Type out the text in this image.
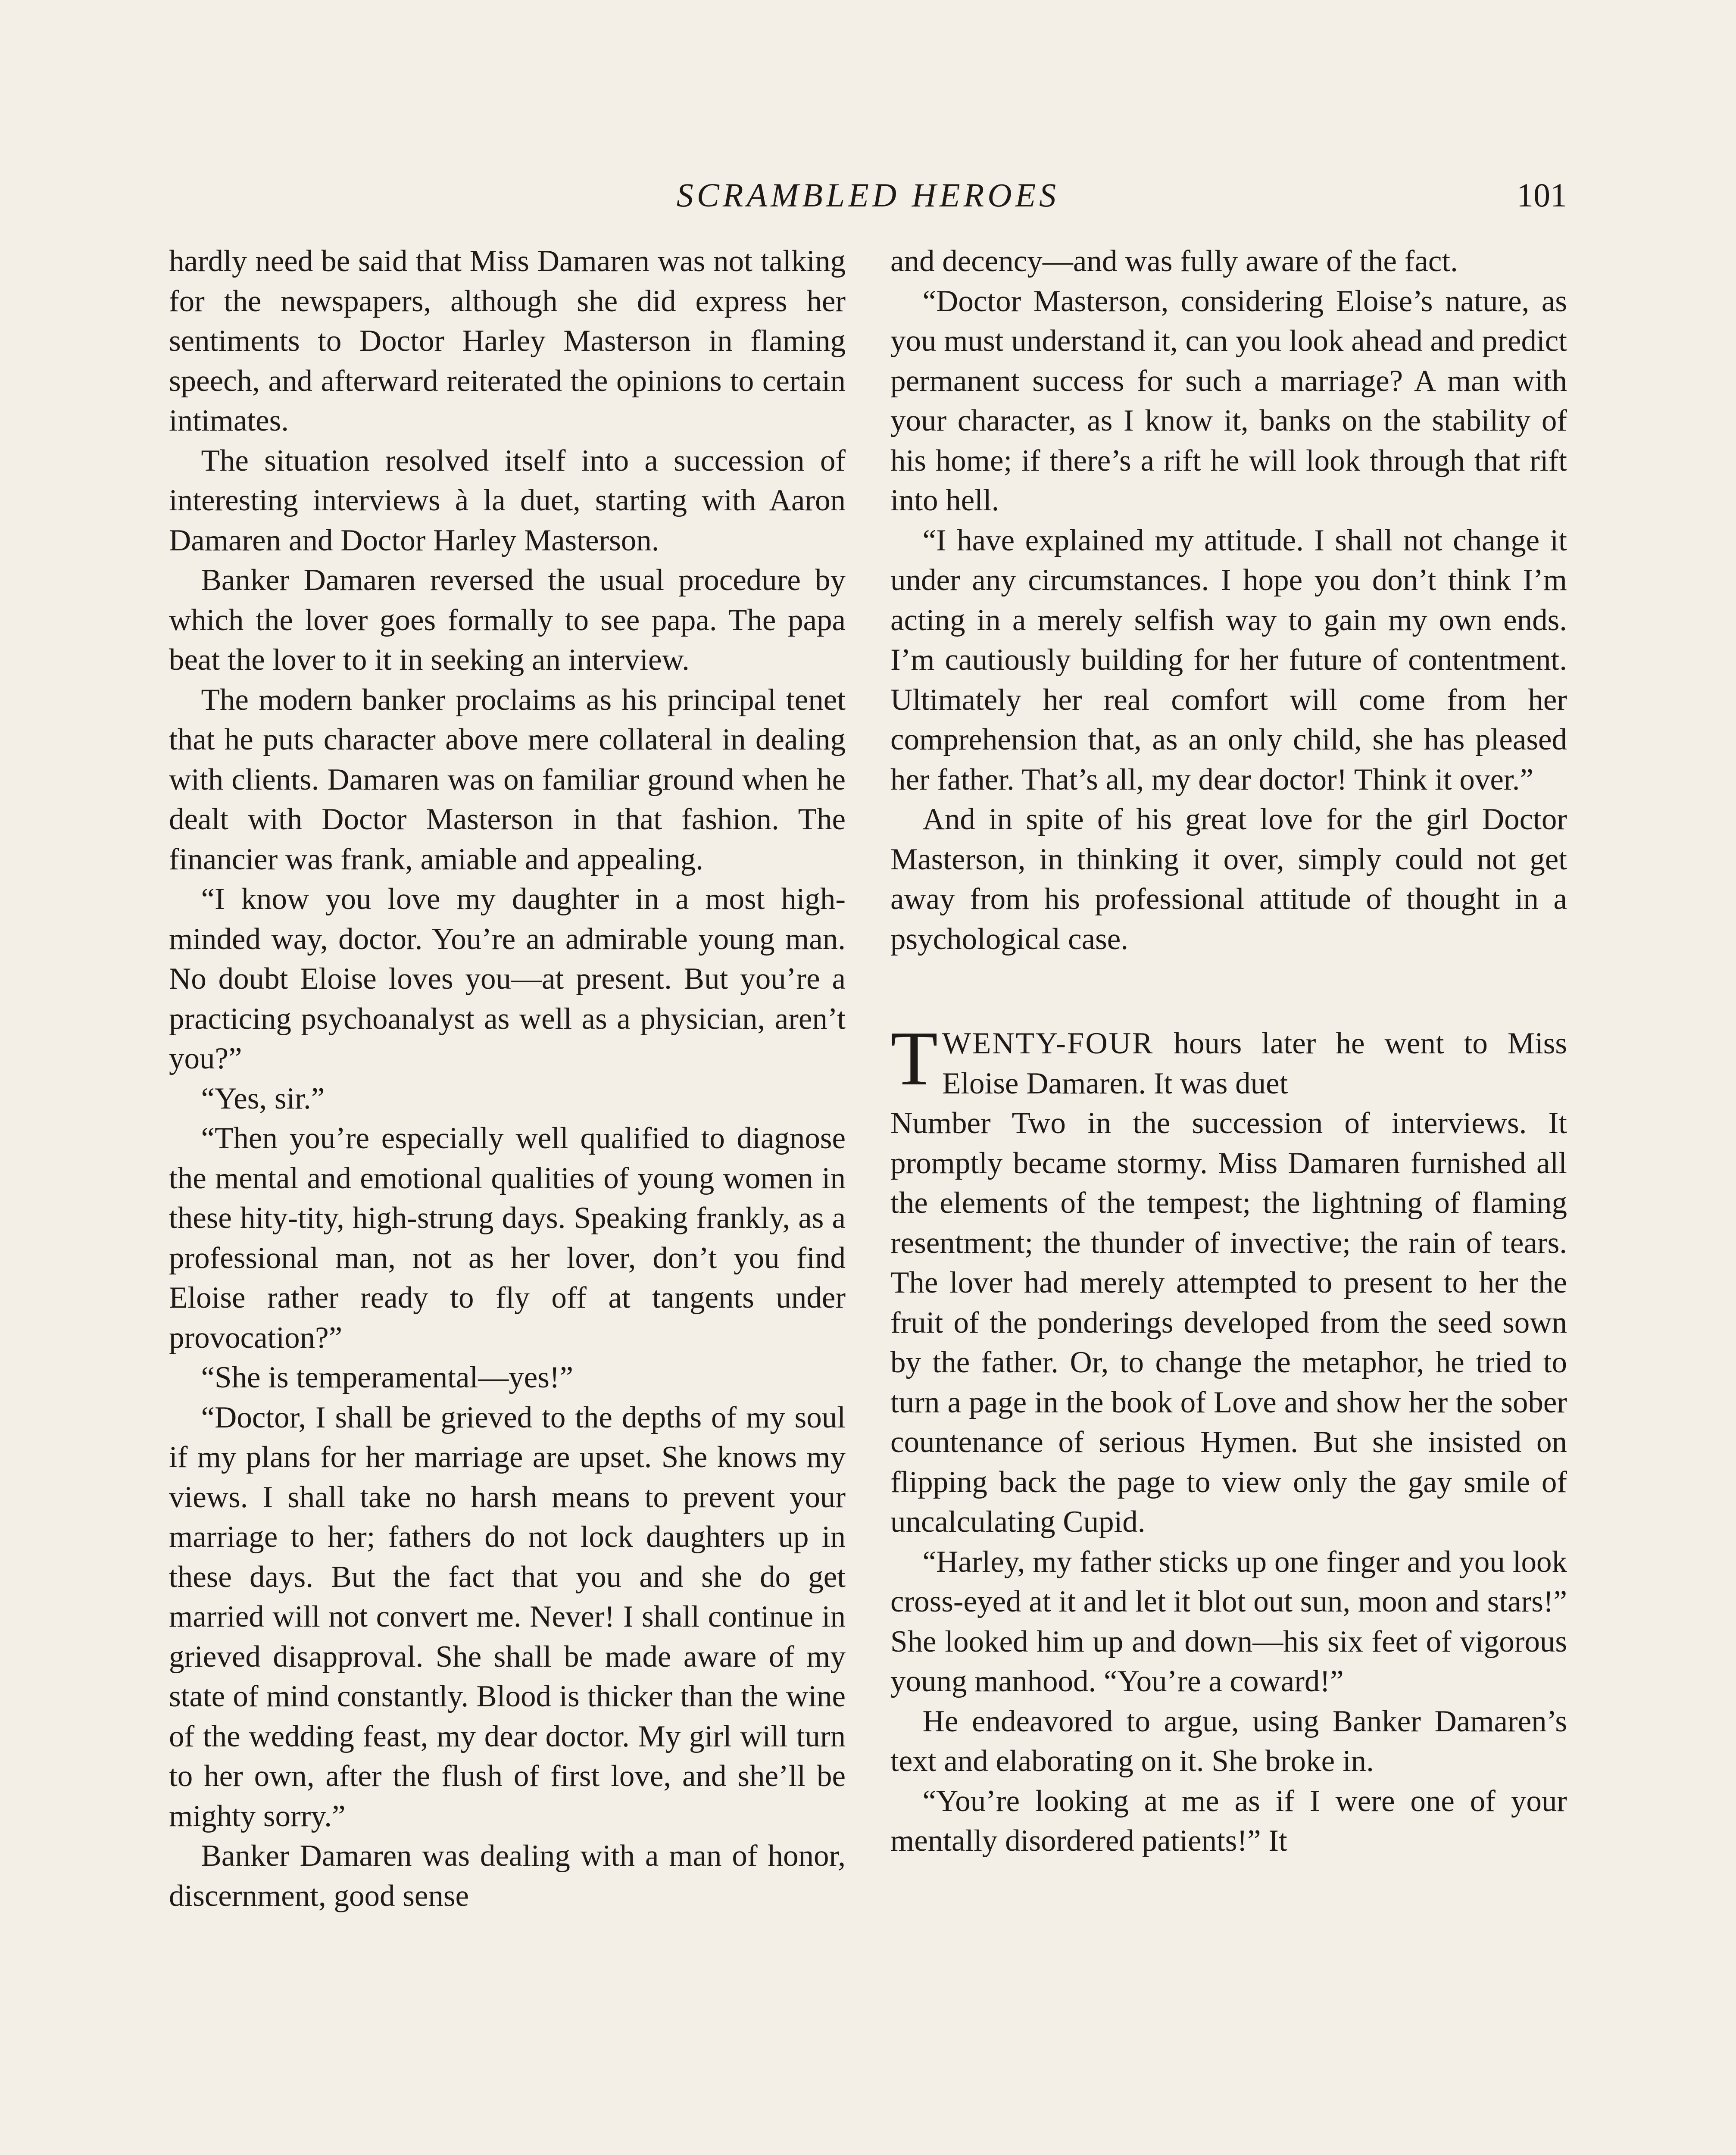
SCRAMBLED HEROES	101

hardly need be said that Miss Damaren was not talking for the newspapers, although she did express her sentiments to Doctor Harley Masterson in flaming speech, and afterward reiterated the opinions to certain intimates.

The situation resolved itself into a succession of interesting interviews à la duet, starting with Aaron Damaren and Doctor Harley Masterson.

Banker Damaren reversed the usual procedure by which the lover goes formally to see papa. The papa beat the lover to it in seeking an interview.

The modern banker proclaims as his principal tenet that he puts character above mere collateral in dealing with clients. Damaren was on familiar ground when he dealt with Doctor Masterson in that fashion. The financier was frank, amiable and appealing.

“I know you love my daughter in a most high-minded way, doctor. You’re an admirable young man. No doubt Eloise loves you—at present. But you’re a practicing psychoanalyst as well as a physician, aren’t you?”

“Yes, sir.”

“Then you’re especially well qualified to diagnose the mental and emotional qualities of young women in these hity-tity, high-strung days. Speaking frankly, as a professional man, not as her lover, don’t you find Eloise rather ready to fly off at tangents under provocation?”

“She is temperamental—yes!”

“Doctor, I shall be grieved to the depths of my soul if my plans for her marriage are upset. She knows my views. I shall take no harsh means to prevent your marriage to her; fathers do not lock daughters up in these days. But the fact that you and she do get married will not convert me. Never! I shall continue in grieved disapproval. She shall be made aware of my state of mind constantly. Blood is thicker than the wine of the wedding feast, my dear doctor. My girl will turn to her own, after the flush of first love, and she’ll be mighty sorry.”

Banker Damaren was dealing with a man of honor, discernment, good sense

and decency—and was fully aware of the fact.

“Doctor Masterson, considering Eloise’s nature, as you must understand it, can you look ahead and predict permanent success for such a marriage? A man with your character, as I know it, banks on the stability of his home; if there’s a rift he will look through that rift into hell.

“I have explained my attitude. I shall not change it under any circumstances. I hope you don’t think I’m acting in a merely selfish way to gain my own ends. I’m cautiously building for her future of contentment. Ultimately her real comfort will come from her comprehension that, as an only child, she has pleased her father. That’s all, my dear doctor! Think it over.”

And in spite of his great love for the girl Doctor Masterson, in thinking it over, simply could not get away from his professional attitude of thought in a psychological case.

TWENTY-FOUR hours later he went to Miss Eloise Damaren. It was duet

Number Two in the succession of interviews. It promptly became stormy. Miss Damaren furnished all the elements of the tempest; the lightning of flaming resentment; the thunder of invective; the rain of tears. The lover had merely attempted to present to her the fruit of the ponderings developed from the seed sown by the father. Or, to change the metaphor, he tried to turn a page in the book of Love and show her the sober countenance of serious Hymen. But she insisted on flipping back the page to view only the gay smile of uncalculating Cupid.

“Harley, my father sticks up one finger and you look cross-eyed at it and let it blot out sun, moon and stars!” She looked him up and down—his six feet of vigorous young manhood. “You’re a coward!”

He endeavored to argue, using Banker Damaren’s text and elaborating on it. She broke in.

“You’re looking at me as if I were one of your mentally disordered patients!” It
